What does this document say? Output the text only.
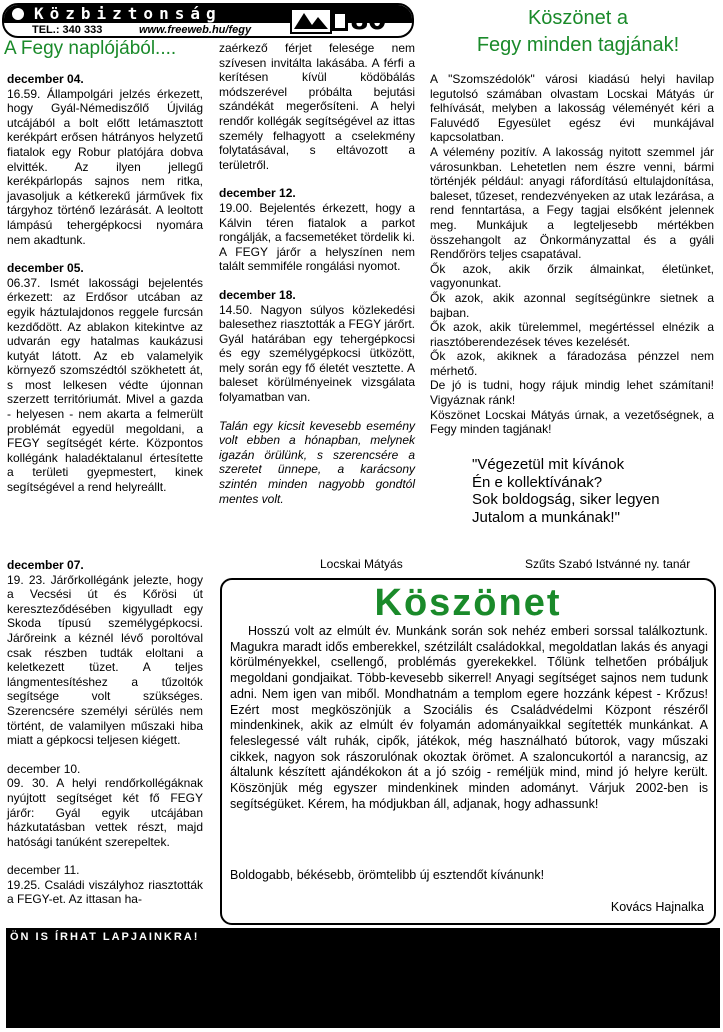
Közbiztonság
TEL.: 340 333	www.freeweb.hu/fegy	80
A Fegy naplójából....

december 04.
16.59. Állampolgári jelzés érkezett, hogy Gyál-Némediszőlő Újvilág utcájából a bolt előtt letámasztott kerékpárt erősen hátrányos helyzetű fiatalok egy Robur platójára dobva elvitték. Az ilyen jellegű kerékpárlopás sajnos nem ritka, javasoljuk a kétkerekű járművek fix tárgyhoz történő lezárását. A leoltott lámpású tehergépkocsi nyomára nem akadtunk.

december 05.
06.37. Ismét lakossági bejelentés érkezett: az Erdősor utcában az egyik háztulajdonos reggele furcsán kezdődött. Az ablakon kitekintve az udvarán egy hatalmas kaukázusi kutyát látott. Az eb valamelyik környező szomszédtól szökhetett át, s most lelkesen védte újonnan szerzett territóriumát. Mivel a gazda - helyesen - nem akarta a felmerült problémát egyedül megoldani, a FEGY segítségét kérte. Központos kollégánk haladéktalanul értesítette a területi gyepmestert, kinek segítségével a rend helyreállt.

zaérkező férjet felesége nem szívesen invitálta lakásába. A férfi a kerítésen kívül ködöbálás módszerével próbálta bejutási szándékát megerősíteni. A helyi rendőr kollégák segítségével az ittas személy felhagyott a cselekmény folytatásával, s eltávozott a területről.

december 12.
19.00. Bejelentés érkezett, hogy a Kálvin téren fiatalok a parkot rongálják, a facsemetéket tördelik ki. A FEGY járőr a helyszínen nem talált semmiféle rongálási nyomot.

december 18.
14.50. Nagyon súlyos közlekedési balesethez riasztották a FEGY járőrt. Gyál határában egy tehergépkocsi és egy személygépkocsi ütközött, mely során egy fő életét vesztette. A baleset körülményeinek vizsgálata folyamatban van.

Talán egy kicsit kevesebb esemény volt ebben a hónapban, melynek igazán örülünk, s szerencsére a szeretet ünnepe, a karácsony szintén minden nagyobb gondtól mentes volt.

Köszönet a
Fegy minden tagjának!
A "Szomszédolók" városi kiadású helyi havilap legutolsó számában olvastam Locskai Mátyás úr felhívását, melyben a lakosság véleményét kéri a Faluvédő Egyesület egész évi munkájával kapcsolatban.
A vélemény pozitív. A lakosság nyitott szemmel jár városunkban. Lehetetlen nem észre venni, bármi történjék például: anyagi ráfordítású eltulajdonítása, baleset, tűzeset, rendezvényeken az utak lezárása, a rend fenntartása, a Fegy tagjai elsőként jelennek meg. Munkájuk a legteljesebb mértékben összehangolt az Önkormányzattal és a gyáli Rendőrörs teljes csapatával.
Ők azok, akik őrzik álmainkat, életünket, vagyonunkat.
Ők azok, akik azonnal segítségünkre sietnek a bajban.
Ők azok, akik türelemmel, megértéssel elnézik a riasztóberendezések téves kezelését.
Ők azok, akiknek a fáradozása pénzzel nem mérhető.
De jó is tudni, hogy rájuk mindig lehet számítani! Vigyáznak ránk!
Köszönet Locskai Mátyás úrnak, a vezetőségnek, a Fegy minden tagjának!
"Végezetül mit kívánok
Én e kollektívának?
Sok boldogság, siker legyen
Jutalom a munkának!"
Locskai Mátyás	Szűts Szabó Istvánné ny. tanár

december 07.
19. 23. Járőrkollégánk jelezte, hogy a Vecsési út és Kőrösi út kereszteződésében kigyulladt egy Skoda típusú személygépkocsi. Járőreink a kéznél lévő poroltóval csak részben tudták eloltani a keletkezett tüzet. A teljes lángmentesítéshez a tűzoltók segítsége volt szükséges. Szerencsére személyi sérülés nem történt, de valamilyen műszaki hiba miatt a gépkocsi teljesen kiégett.

december 10.
09. 30. A helyi rendőrkollégáknak nyújtott segítséget két fő FEGY járőr: Gyál egyik utcájában házkutatásban vettek részt, majd hatósági tanúként szerepeltek.

december 11.
19.25. Családi viszályhoz riasztották a FEGY-et. Az ittasan ha-

Köszönet

Hosszú volt az elmúlt év. Munkánk során sok nehéz emberi sorssal találkoztunk. Magukra maradt idős emberekkel, szétzilált családokkal, megoldatlan lakás és anyagi körülményekkel, csellengő, problémás gyerekekkel. Tőlünk telhetően próbáljuk megoldani gondjaikat. Több-kevesebb sikerrel! Anyagi segítséget sajnos nem tudunk adni. Nem igen van miből. Mondhatnám a templom egere hozzánk képest - Krőzus! Ezért most megköszönjük a Szociális és Családvédelmi Központ részéről mindenkinek, akik az elmúlt év folyamán adományaikkal segítették munkánkat. A feleslegessé vált ruhák, cipők, játékok, még használható bútorok, vagy műszaki cikkek, nagyon sok rászorulónak okoztak örömet. A szaloncukortól a narancsig, az általunk készített ajándékokon át a jó szóig - reméljük mind, mind jó helyre került. Köszönjük még egyszer mindenkinek minden adományt. Várjuk 2002-ben is segítségüket. Kérem, ha módjukban áll, adjanak, hogy adhassunk!

Boldogabb, békésebb, örömtelibb új esztendőt kívánunk!
Kovács Hajnalka
ÖN IS ÍRHAT LAPJAINKRA!
